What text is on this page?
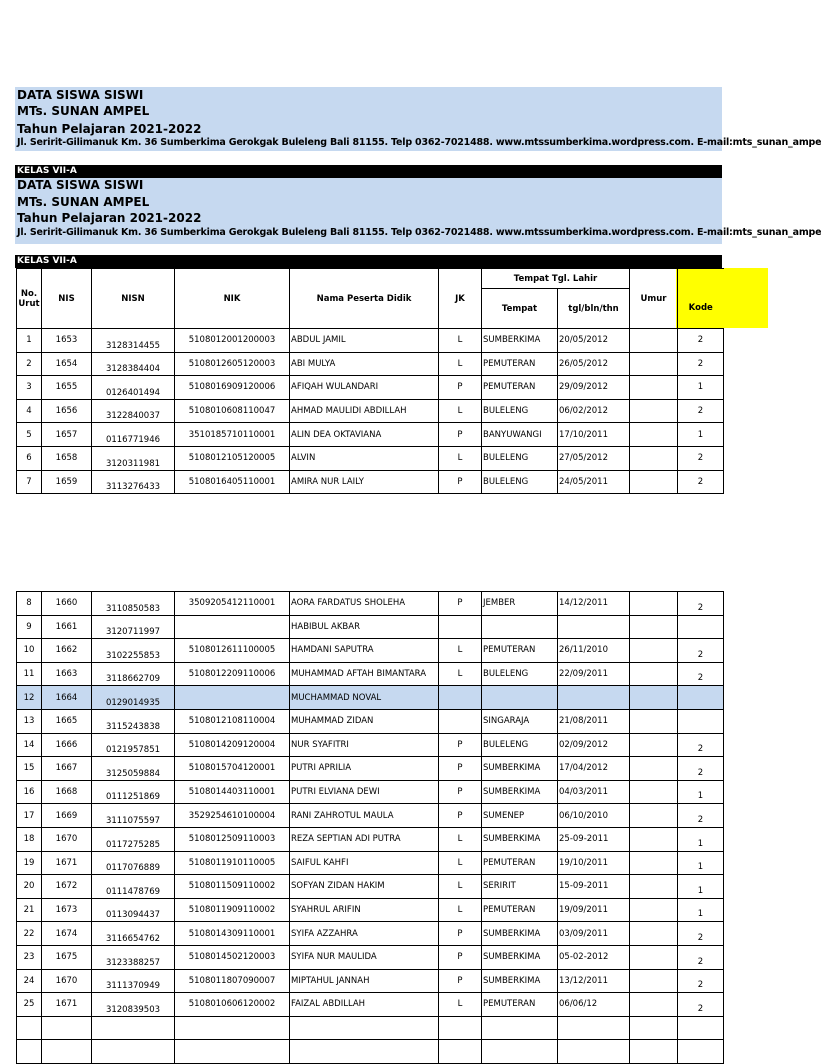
DATA SISWA SISWI
MTs. SUNAN AMPEL
Tahun Pelajaran 2021-2022
Jl. Seririt-Gilimanuk Km. 36 Sumberkima Gerokgak Buleleng Bali 81155. Telp 0362-7021488. www.mtssumberkima.wordpress.com. E-mail:mts_sunan_ampe
KELAS VII-A
DATA SISWA SISWI
MTs. SUNAN AMPEL
Tahun Pelajaran 2021-2022
Jl. Seririt-Gilimanuk Km. 36 Sumberkima Gerokgak Buleleng Bali 81155. Telp 0362-7021488. www.mtssumberkima.wordpress.com. E-mail:mts_sunan_ampe
KELAS VII-A
No. Urut	NIS	NISN	NIK	Nama Peserta Didik	JK	Tempat Tgl. Lahir		Umur	Kode
						Tempat	tgl/bln/thn		
1	1653	3128314455	5108012001200003	ABDUL JAMIL	L	SUMBERKIMA	20/05/2012		2
2	1654	3128384404	5108012605120003	ABI MULYA	L	PEMUTERAN	26/05/2012		2
3	1655	0126401494	5108016909120006	AFIQAH WULANDARI	P	PEMUTERAN	29/09/2012		1
4	1656	3122840037	5108010608110047	AHMAD MAULIDI ABDILLAH	L	BULELENG	06/02/2012		2
5	1657	0116771946	3510185710110001	ALIN DEA OKTAVIANA	P	BANYUWANGI	17/10/2011		1
6	1658	3120311981	5108012105120005	ALVIN	L	BULELENG	27/05/2012		2
7	1659	3113276433	5108016405110001	AMIRA NUR LAILY	P	BULELENG	24/05/2011		2
8	1660	3110850583	3509205412110001	AORA FARDATUS SHOLEHA	P	JEMBER	14/12/2011		2
9	1661	3120711997		HABIBUL AKBAR					
10	1662	3102255853	5108012611100005	HAMDANI SAPUTRA	L	PEMUTERAN	26/11/2010		2
11	1663	3118662709	5108012209110006	MUHAMMAD AFTAH BIMANTARA	L	BULELENG	22/09/2011		2
12	1664	0129014935		MUCHAMMAD NOVAL					
13	1665	3115243838	5108012108110004	MUHAMMAD ZIDAN		SINGARAJA	21/08/2011		
14	1666	0121957851	5108014209120004	NUR SYAFITRI	P	BULELENG	02/09/2012		2
15	1667	3125059884	5108015704120001	PUTRI APRILIA	P	SUMBERKIMA	17/04/2012		2
16	1668	0111251869	5108014403110001	PUTRI ELVIANA DEWI	P	SUMBERKIMA	04/03/2011		1
17	1669	3111075597	3529254610100004	RANI ZAHROTUL MAULA	P	SUMENEP	06/10/2010		2
18	1670	0117275285	5108012509110003	REZA SEPTIAN ADI PUTRA	L	SUMBERKIMA	25-09-2011		1
19	1671	0117076889	5108011910110005	SAIFUL KAHFI	L	PEMUTERAN	19/10/2011		1
20	1672	0111478769	5108011509110002	SOFYAN ZIDAN HAKIM	L	SERIRIT	15-09-2011		1
21	1673	0113094437	5108011909110002	SYAHRUL ARIFIN	L	PEMUTERAN	19/09/2011		1
22	1674	3116654762	5108014309110001	SYIFA AZZAHRA	P	SUMBERKIMA	03/09/2011		2
23	1675	3123388257	5108014502120003	SYIFA NUR MAULIDA	P	SUMBERKIMA	05-02-2012		2
24	1670	3111370949	5108011807090007	MIPTAHUL JANNAH	P	SUMBERKIMA	13/12/2011		2
25	1671	3120839503	5108010606120002	FAIZAL ABDILLAH	L	PEMUTERAN	06/06/12		2
